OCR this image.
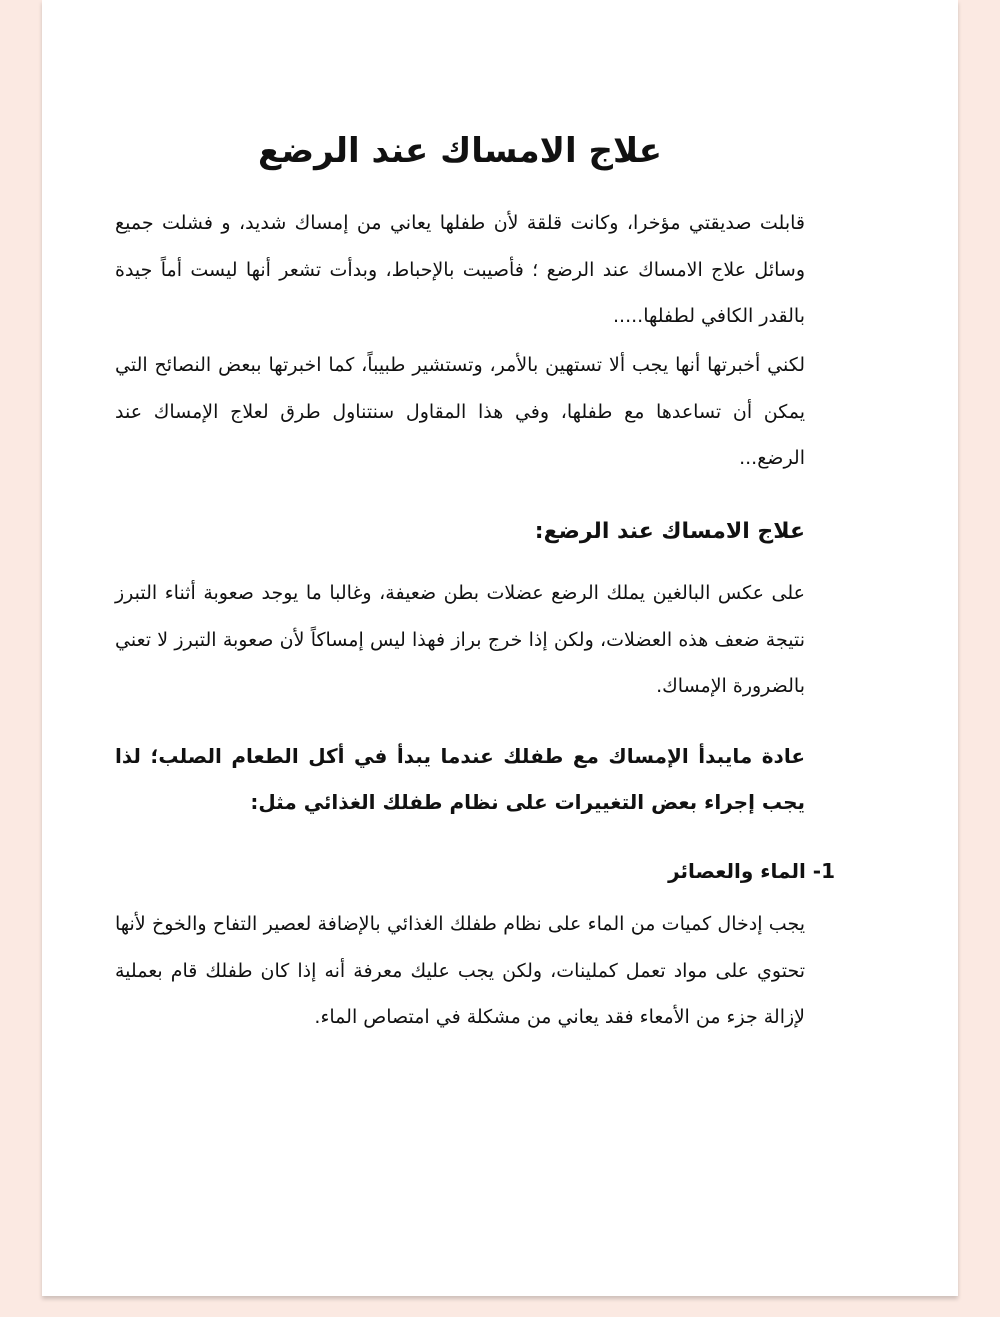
علاج الامساك عند الرضع
قابلت صديقتي مؤخرا، وكانت قلقة لأن طفلها يعاني من إمساك شديد، و فشلت جميع وسائل علاج الامساك عند الرضع ؛ فأصيبت بالإحباط، وبدأت تشعر أنها ليست أماً جيدة بالقدر الكافي لطفلها.....
لكني أخبرتها أنها يجب ألا تستهين بالأمر، وتستشير طبيباً، كما اخبرتها ببعض النصائح التي يمكن أن تساعدها مع طفلها، وفي هذا المقاول سنتناول طرق لعلاج الإمساك عند الرضع...
علاج الامساك عند الرضع:
على عكس البالغين يملك الرضع عضلات بطن ضعيفة، وغالبا ما يوجد صعوبة أثناء التبرز نتيجة ضعف هذه العضلات، ولكن إذا خرج براز فهذا ليس إمساكاً لأن صعوبة التبرز لا تعني بالضرورة الإمساك.
عادة مايبدأ الإمساك مع طفلك عندما يبدأ في أكل الطعام الصلب؛ لذا يجب إجراء بعض التغييرات على نظام طفلك الغذائي مثل:
1- الماء والعصائر
يجب إدخال كميات من الماء على نظام طفلك الغذائي بالإضافة لعصير التفاح والخوخ لأنها تحتوي على مواد تعمل كملينات، ولكن يجب عليك معرفة أنه إذا كان طفلك قام بعملية لإزالة جزء من الأمعاء فقد يعاني من مشكلة في امتصاص الماء.
